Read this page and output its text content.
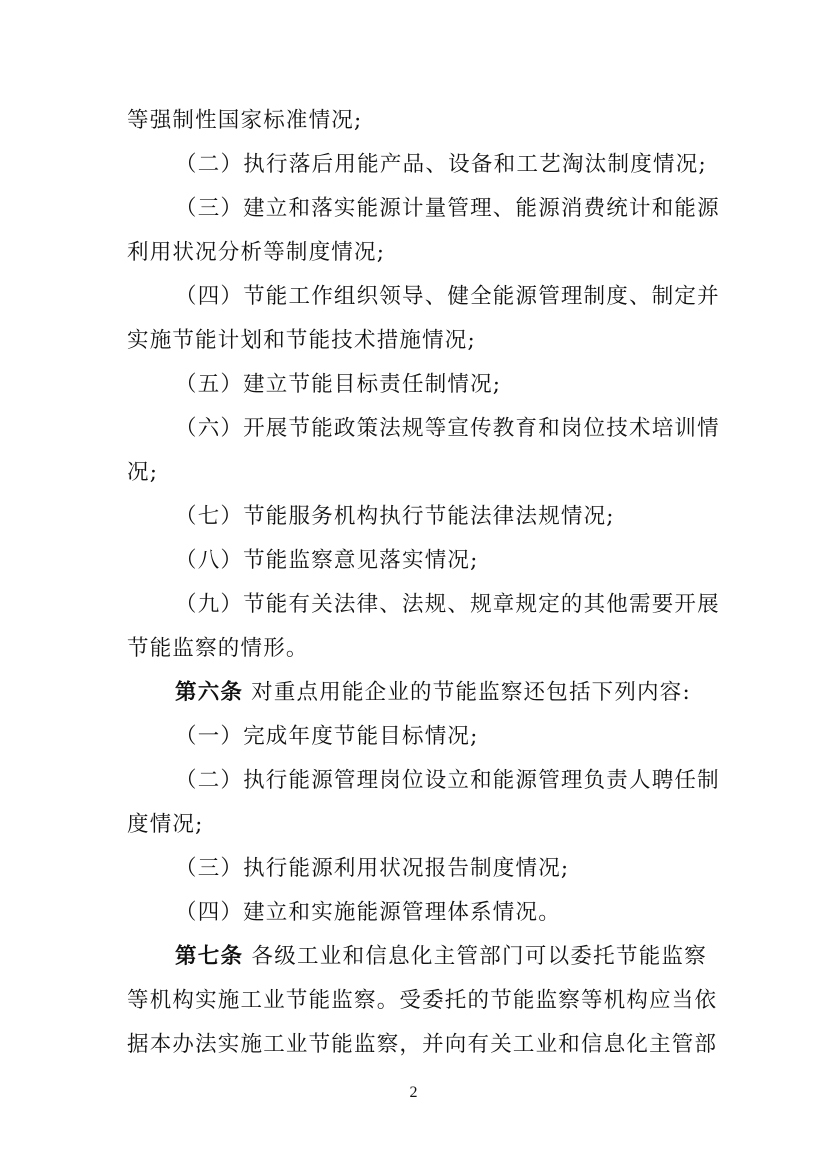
等强制性国家标准情况;
（二）执行落后用能产品、设备和工艺淘汰制度情况;
（三）建立和落实能源计量管理、能源消费统计和能源
利用状况分析等制度情况;
（四）节能工作组织领导、健全能源管理制度、制定并
实施节能计划和节能技术措施情况;
（五）建立节能目标责任制情况;
（六）开展节能政策法规等宣传教育和岗位技术培训情
况;
（七）节能服务机构执行节能法律法规情况;
（八）节能监察意见落实情况;
（九）节能有关法律、法规、规章规定的其他需要开展
节能监察的情形。
第六条 对重点用能企业的节能监察还包括下列内容:
（一）完成年度节能目标情况;
（二）执行能源管理岗位设立和能源管理负责人聘任制
度情况;
（三）执行能源利用状况报告制度情况;
（四）建立和实施能源管理体系情况。
第七条 各级工业和信息化主管部门可以委托节能监察
等机构实施工业节能监察。受委托的节能监察等机构应当依
据本办法实施工业节能监察，并向有关工业和信息化主管部
2
